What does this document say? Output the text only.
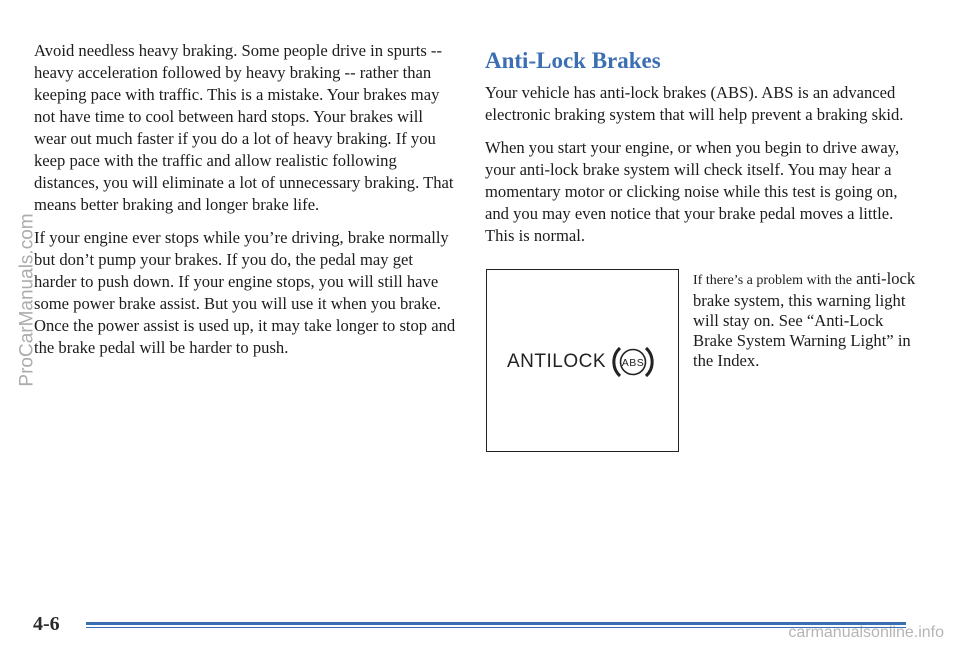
Avoid needless heavy braking. Some people drive in spurts -- heavy acceleration followed by heavy braking -- rather than keeping pace with traffic. This is a mistake. Your brakes may not have time to cool between hard stops. Your brakes will wear out much faster if you do a lot of heavy braking. If you keep pace with the traffic and allow realistic following distances, you will eliminate a lot of unnecessary braking. That means better braking and longer brake life.

If your engine ever stops while you’re driving, brake normally but don’t pump your brakes. If you do, the pedal may get harder to push down. If your engine stops, you will still have some power brake assist. But you will use it when you brake. Once the power assist is used up, it may take longer to stop and the brake pedal will be harder to push.

Anti-Lock Brakes

Your vehicle has anti-lock brakes (ABS). ABS is an advanced electronic braking system that will help prevent a braking skid.

When you start your engine, or when you begin to drive away, your anti-lock brake system will check itself. You may hear a momentary motor or clicking noise while this test is going on, and you may even notice that your brake pedal moves a little. This is normal.

ANTILOCK ABS
If there’s a problem with the anti-lock brake system, this warning light will stay on. See “Anti-Lock Brake System Warning Light” in the Index.
ProCarManuals.com
4-6	carmanualsonline.info
